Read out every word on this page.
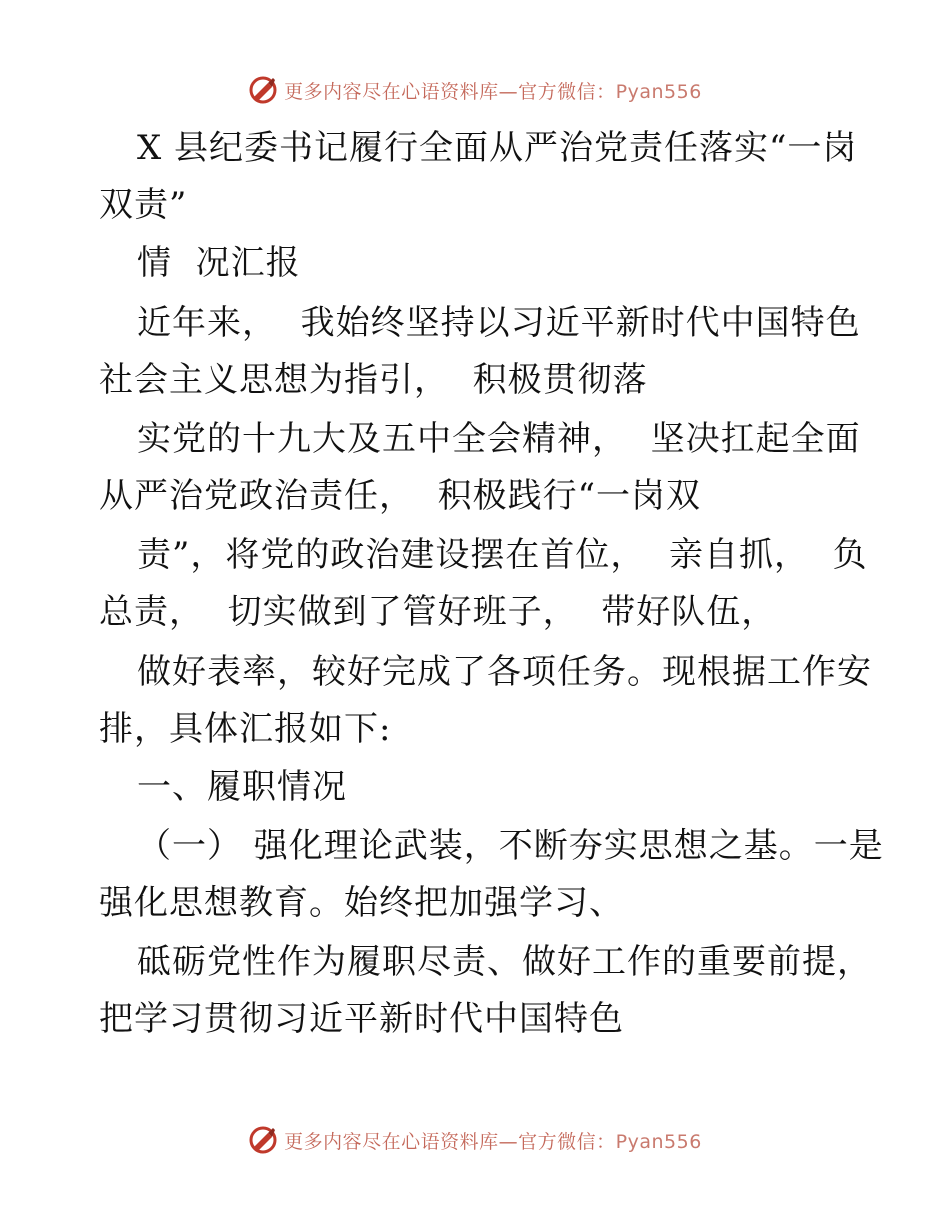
更多内容尽在心语资料库—官方微信：Pyan556
X 县纪委书记履行全面从严治党责任落实“一岗
双责”
情  况汇报
近年来，  我始终坚持以习近平新时代中国特色
社会主义思想为指引，  积极贯彻落
实党的十九大及五中全会精神，  坚决扛起全面
从严治党政治责任，  积极践行“一岗双
责”，将党的政治建设摆在首位，  亲自抓，  负
总责，  切实做到了管好班子，  带好队伍，
做好表率，较好完成了各项任务。现根据工作安
排，具体汇报如下:
一、履职情况
（一） 强化理论武装，不断夯实思想之基。一是
强化思想教育。始终把加强学习、
砥砺党性作为履职尽责、做好工作的重要前提，
把学习贯彻习近平新时代中国特色
更多内容尽在心语资料库—官方微信：Pyan556
